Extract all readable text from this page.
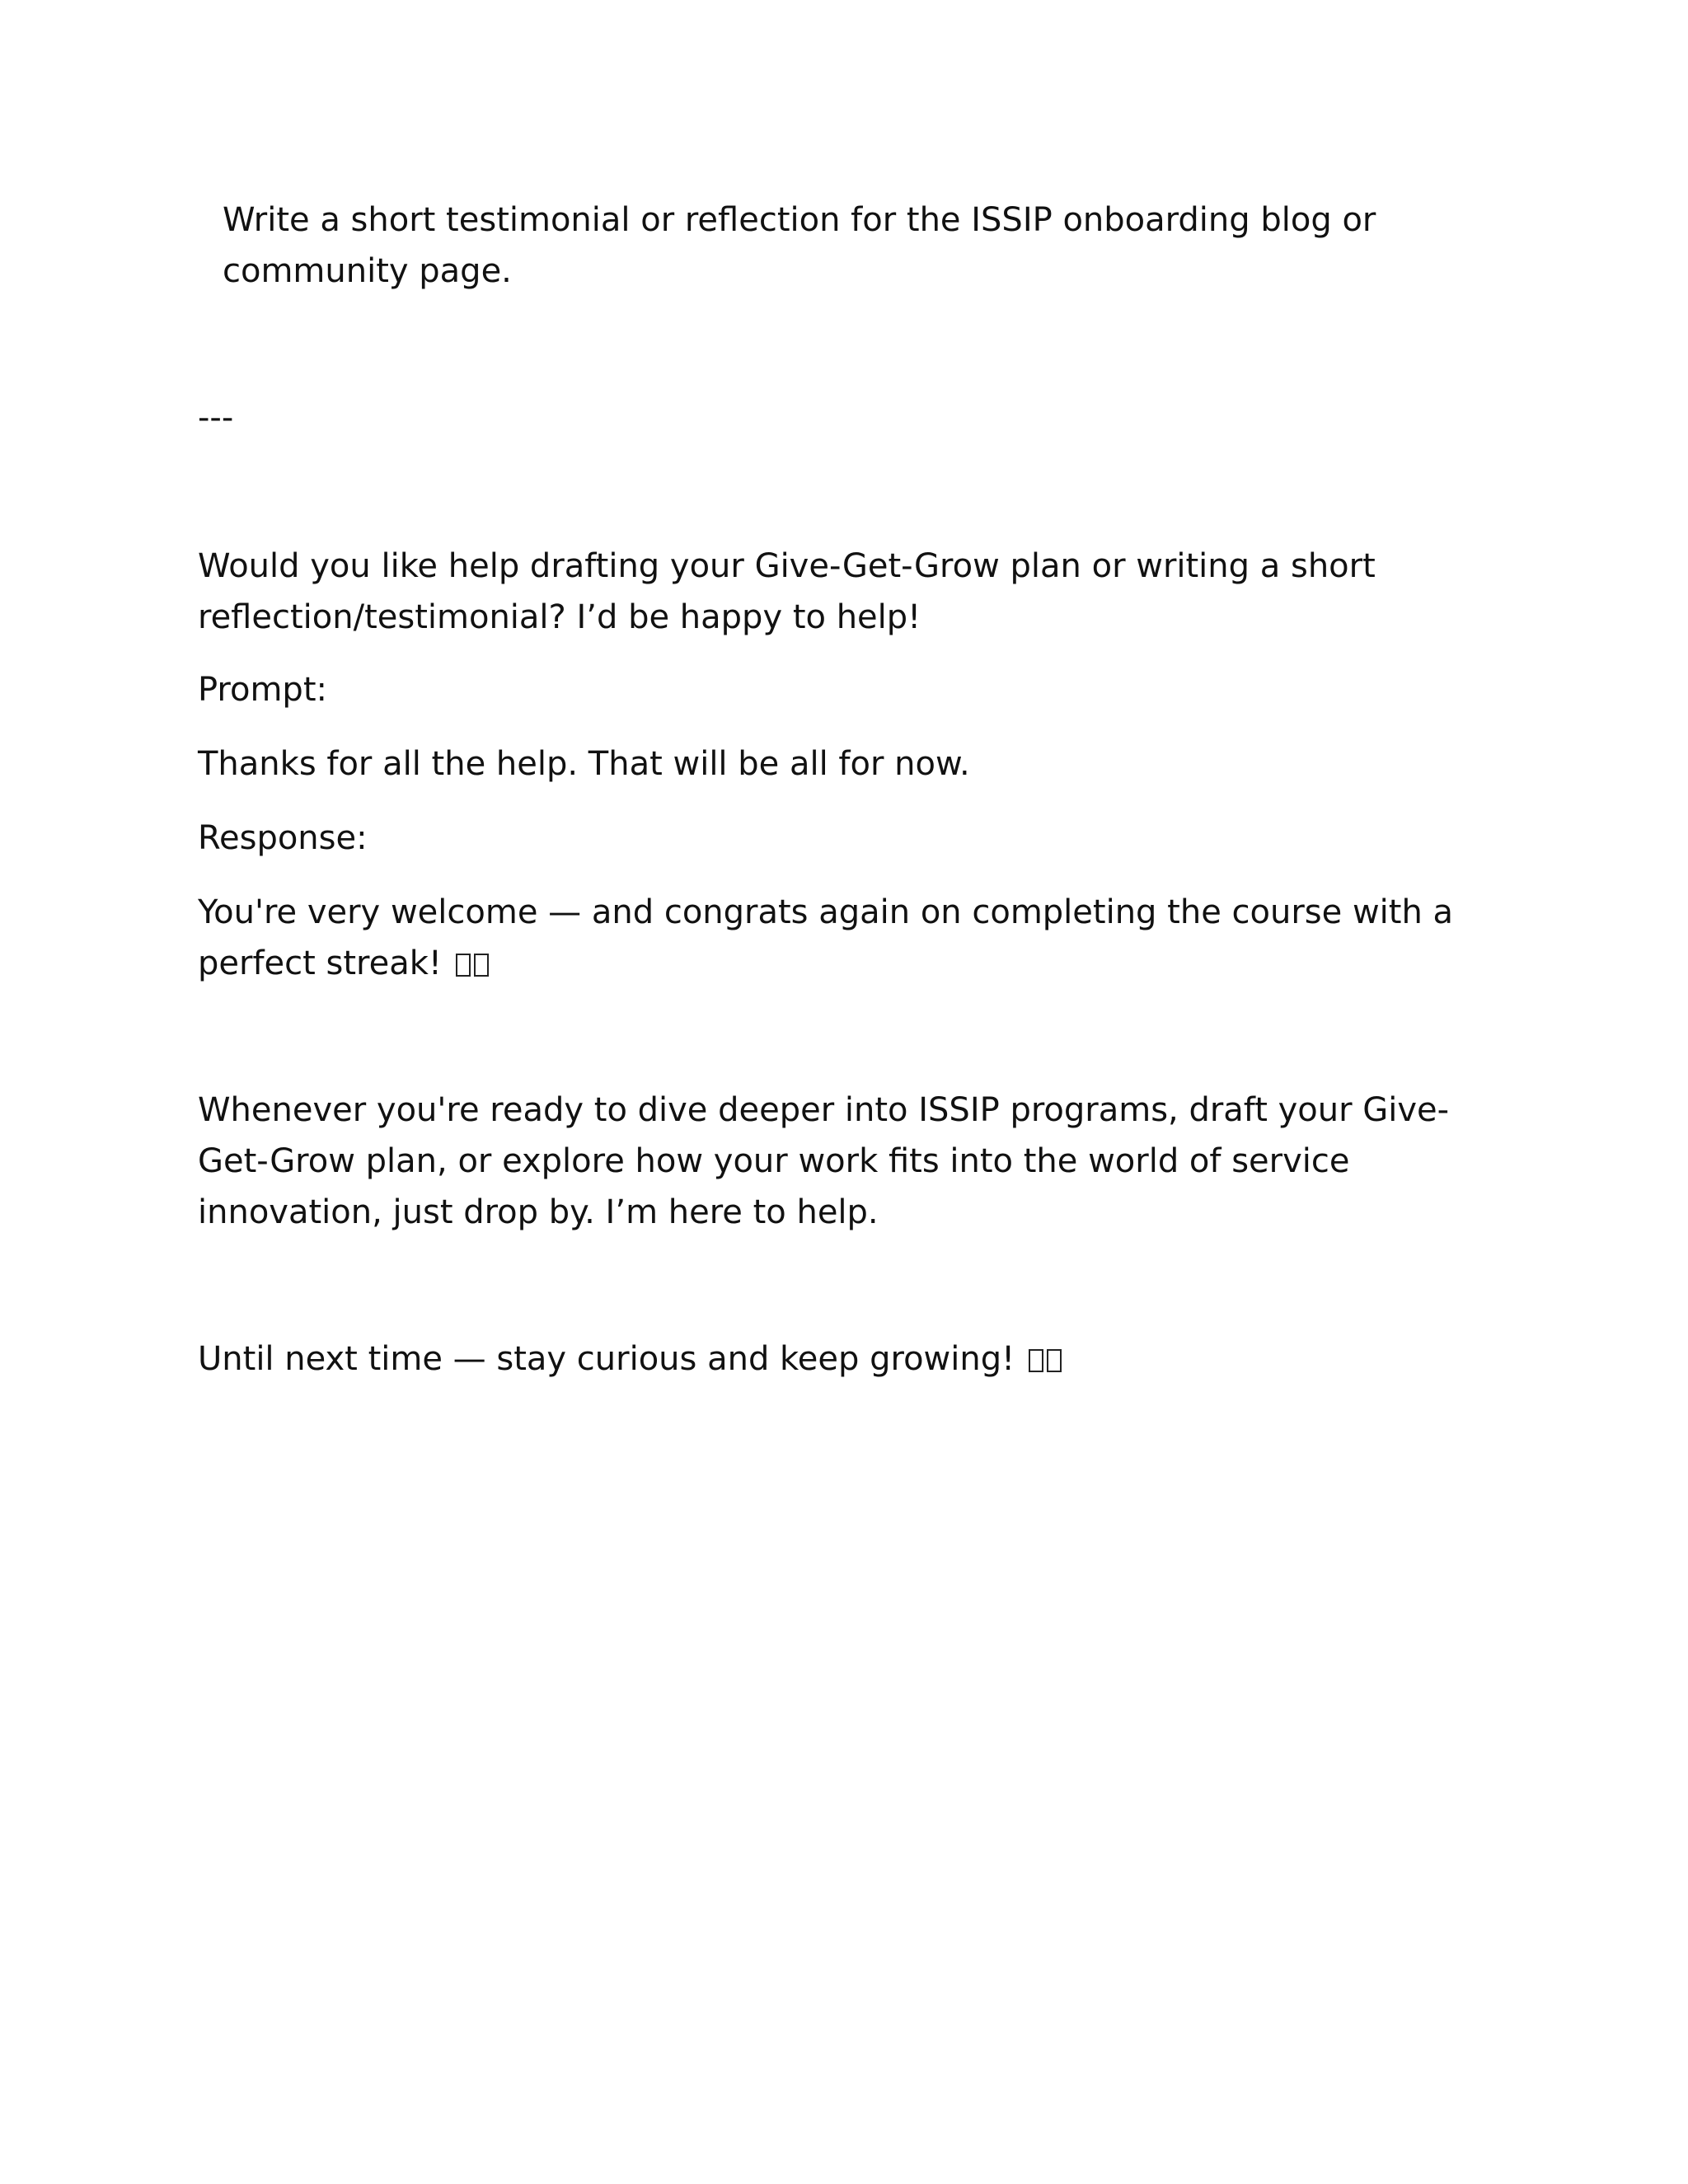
Write a short testimonial or reflection for the ISSIP onboarding blog or community page.

---

Would you like help drafting your Give-Get-Grow plan or writing a short reflection/testimonial? I’d be happy to help!

Prompt:

Thanks for all the help. That will be all for now.

Response:

You're very welcome — and congrats again on completing the course with a perfect streak!

Whenever you're ready to dive deeper into ISSIP programs, draft your Give-Get-Grow plan, or explore how your work fits into the world of service innovation, just drop by. I’m here to help.

Until next time — stay curious and keep growing!
